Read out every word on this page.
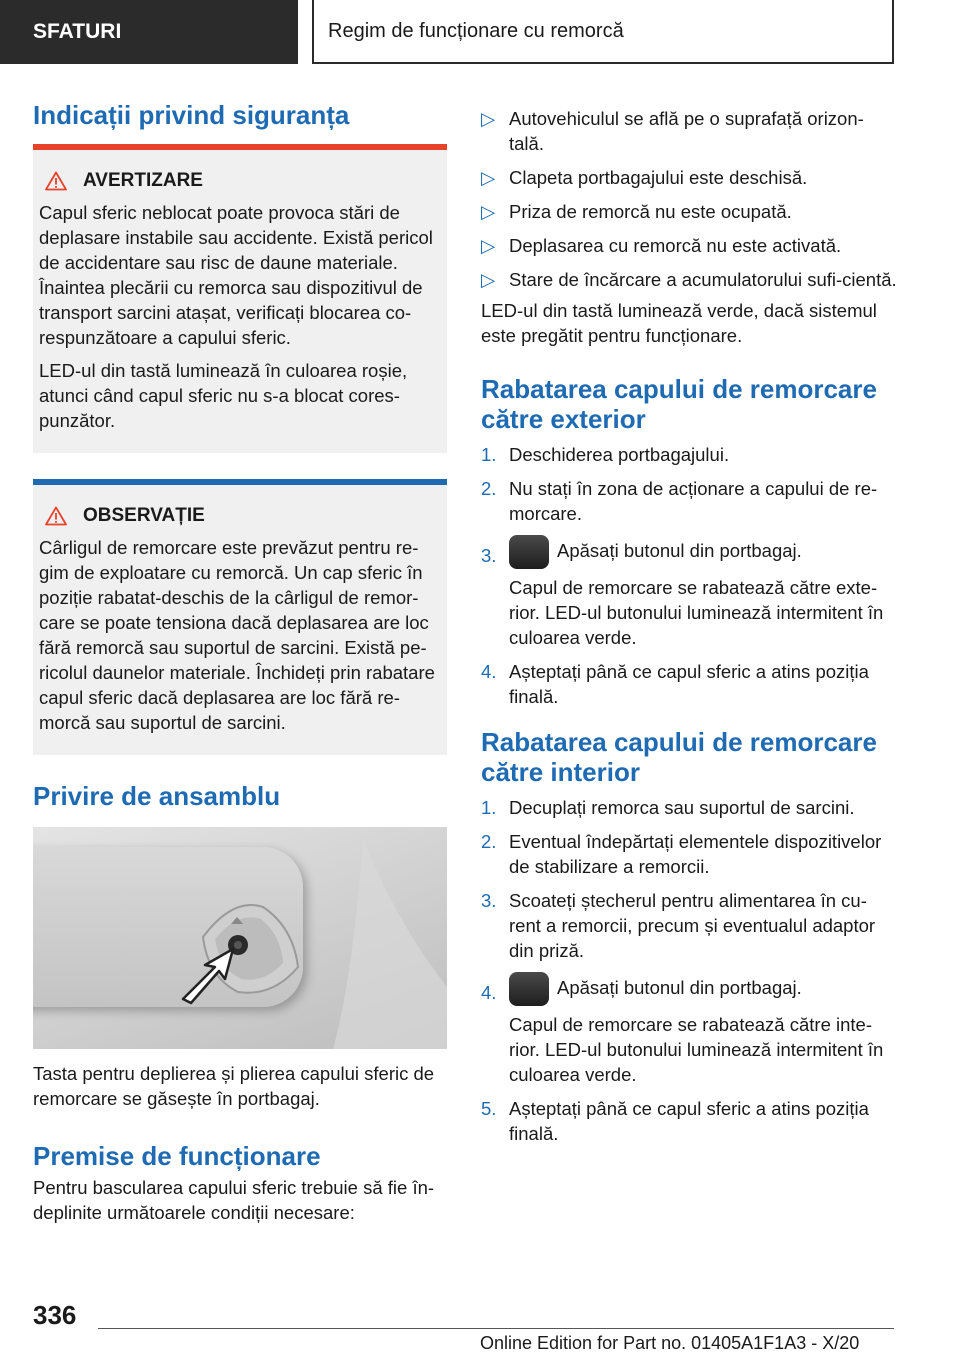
SFATURI	Regim de funcționare cu remorcă
Indicații privind siguranța
AVERTIZARE

Capul sferic neblocat poate provoca stări de deplasare instabile sau accidente. Există pericol de accidentare sau risc de daune materiale. Înaintea plecării cu remorca sau dispozitivul de transport sarcini atașat, verificați blocarea co-respunzătoare a capului sferic.

LED-ul din tastă luminează în culoarea roșie, atunci când capul sferic nu s-a blocat cores-punzător.

OBSERVAȚIE

Cârligul de remorcare este prevăzut pentru re-gim de exploatare cu remorcă. Un cap sferic în poziție rabatat-deschis de la cârligul de remor-care se poate tensiona dacă deplasarea are loc fără remorcă sau suportul de sarcini. Există pe-ricolul daunelor materiale. Închideți prin rabatare capul sferic dacă deplasarea are loc fără re-morcă sau suportul de sarcini.

Privire de ansamblu

Tasta pentru deplierea și plierea capului sferic de remorcare se găsește în portbagaj.

Premise de funcționare

Pentru bascularea capului sferic trebuie să fie în-deplinite următoarele condiții necesare:

▷ Autovehiculul se află pe o suprafață orizon-tală.

▷ Clapeta portbagajului este deschisă.

▷ Priza de remorcă nu este ocupată.

▷ Deplasarea cu remorcă nu este activată.

▷ Stare de încărcare a acumulatorului sufi-cientă.

LED-ul din tastă luminează verde, dacă sistemul este pregătit pentru funcționare.

Rabatarea capului de remorcare către exterior
1. Deschiderea portbagajului.

2. Nu stați în zona de acționare a capului de re-morcare.

3.	Apăsați butonul din portbagaj.

Capul de remorcare se rabatează către exte-rior. LED-ul butonului luminează intermitent în culoarea verde.

4. Așteptați până ce capul sferic a atins poziția finală.

Rabatarea capului de remorcare către interior
1. Decuplați remorca sau suportul de sarcini.

2. Eventual îndepărtați elementele dispozitivelor de stabilizare a remorcii.

3. Scoateți ștecherul pentru alimentarea în cu-rent a remorcii, precum și eventualul adaptor din priză.

4.	Apăsați butonul din portbagaj.

Capul de remorcare se rabatează către inte-rior. LED-ul butonului luminează intermitent în culoarea verde.

5. Așteptați până ce capul sferic a atins poziția finală.

336
Online Edition for Part no. 01405A1F1A3 - X/20
